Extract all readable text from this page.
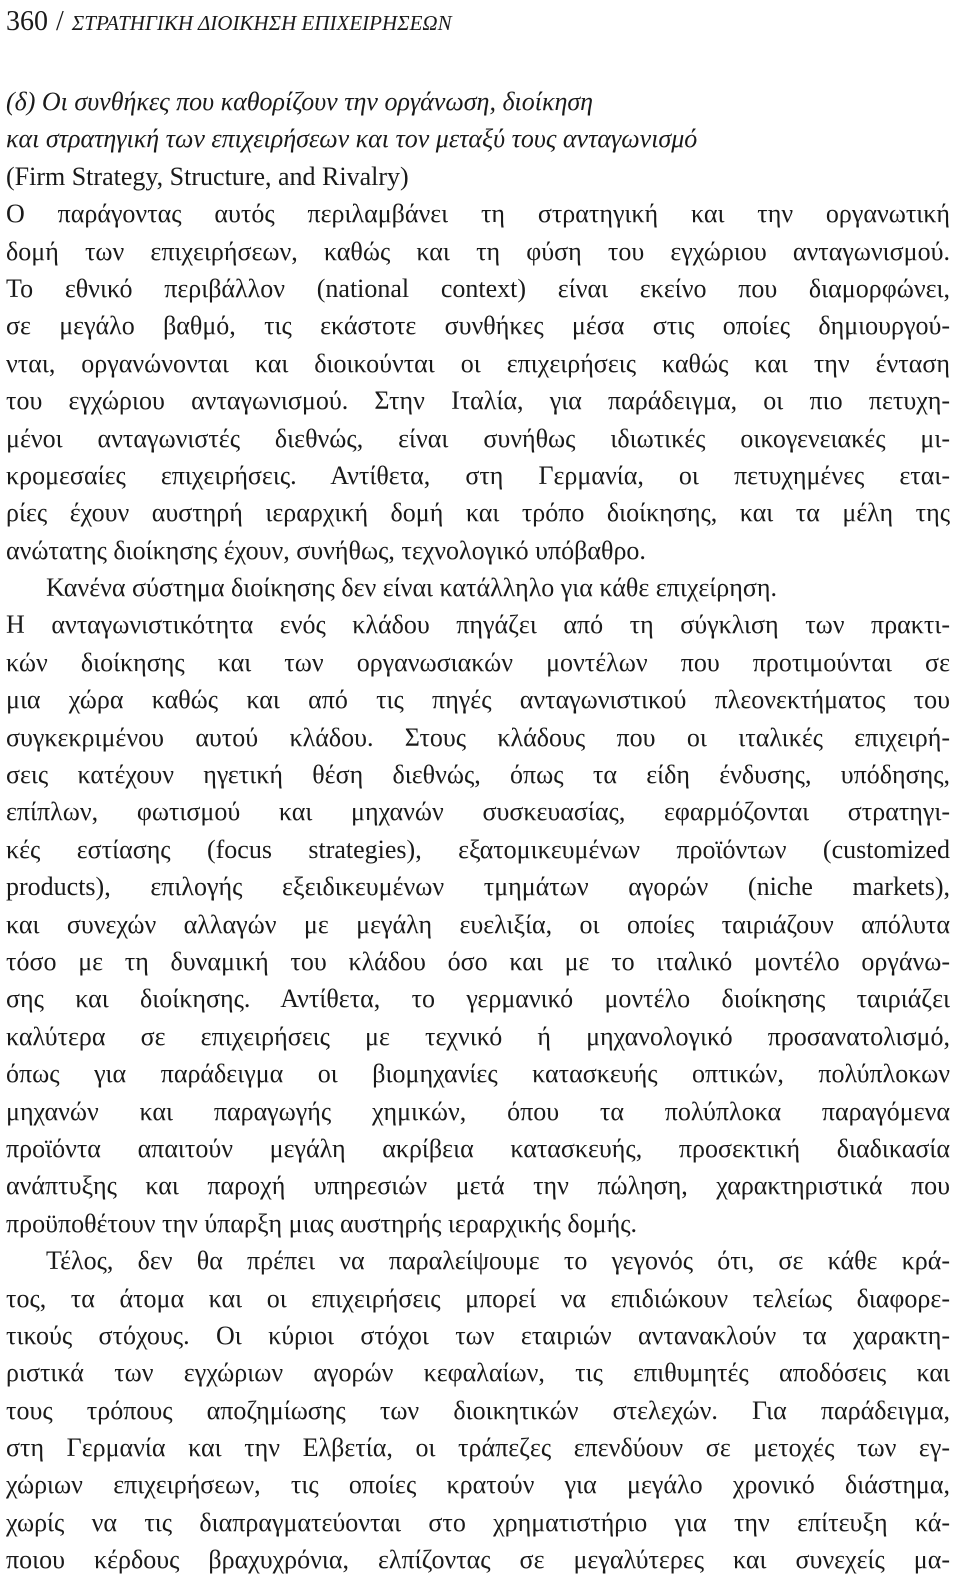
360 / ΣΤΡΑΤΗΓΙΚΗ ΔΙΟΙΚΗΣΗ ΕΠΙΧΕΙΡΗΣΕΩΝ
(δ) Οι συνθήκες που καθορίζουν την οργάνωση, διοίκηση
και στρατηγική των επιχειρήσεων και τον μεταξύ τους ανταγωνισμό
(Firm Strategy, Structure, and Rivalry)
Ο παράγοντας αυτός περιλαμβάνει τη στρατηγική και την οργανωτική
δομή των επιχειρήσεων, καθώς και τη φύση του εγχώριου ανταγωνισμού.
Το εθνικό περιβάλλον (national context) είναι εκείνο που διαμορφώνει,
σε μεγάλο βαθμό, τις εκάστοτε συνθήκες μέσα στις οποίες δημιουργού-
νται, οργανώνονται και διοικούνται οι επιχειρήσεις καθώς και την ένταση
του εγχώριου ανταγωνισμού. Στην Ιταλία, για παράδειγμα, οι πιο πετυχη-
μένοι ανταγωνιστές διεθνώς, είναι συνήθως ιδιωτικές οικογενειακές μι-
κρομεσαίες επιχειρήσεις. Αντίθετα, στη Γερμανία, οι πετυχημένες εται-
ρίες έχουν αυστηρή ιεραρχική δομή και τρόπο διοίκησης, και τα μέλη της
ανώτατης διοίκησης έχουν, συνήθως, τεχνολογικό υπόβαθρο.
Κανένα σύστημα διοίκησης δεν είναι κατάλληλο για κάθε επιχείρηση.
Η ανταγωνιστικότητα ενός κλάδου πηγάζει από τη σύγκλιση των πρακτι-
κών διοίκησης και των οργανωσιακών μοντέλων που προτιμούνται σε
μια χώρα καθώς και από τις πηγές ανταγωνιστικού πλεονεκτήματος του
συγκεκριμένου αυτού κλάδου. Στους κλάδους που οι ιταλικές επιχειρή-
σεις κατέχουν ηγετική θέση διεθνώς, όπως τα είδη ένδυσης, υπόδησης,
επίπλων, φωτισμού και μηχανών συσκευασίας, εφαρμόζονται στρατηγι-
κές εστίασης (focus strategies), εξατομικευμένων προϊόντων (customized
products), επιλογής εξειδικευμένων τμημάτων αγορών (niche markets),
και συνεχών αλλαγών με μεγάλη ευελιξία, οι οποίες ταιριάζουν απόλυτα
τόσο με τη δυναμική του κλάδου όσο και με το ιταλικό μοντέλο οργάνω-
σης και διοίκησης. Αντίθετα, το γερμανικό μοντέλο διοίκησης ταιριάζει
καλύτερα σε επιχειρήσεις με τεχνικό ή μηχανολογικό προσανατολισμό,
όπως για παράδειγμα οι βιομηχανίες κατασκευής οπτικών, πολύπλοκων
μηχανών και παραγωγής χημικών, όπου τα πολύπλοκα παραγόμενα
προϊόντα απαιτούν μεγάλη ακρίβεια κατασκευής, προσεκτική διαδικασία
ανάπτυξης και παροχή υπηρεσιών μετά την πώληση, χαρακτηριστικά που
προϋποθέτουν την ύπαρξη μιας αυστηρής ιεραρχικής δομής.
Τέλος, δεν θα πρέπει να παραλείψουμε το γεγονός ότι, σε κάθε κρά-
τος, τα άτομα και οι επιχειρήσεις μπορεί να επιδιώκουν τελείως διαφορε-
τικούς στόχους. Οι κύριοι στόχοι των εταιριών αντανακλούν τα χαρακτη-
ριστικά των εγχώριων αγορών κεφαλαίων, τις επιθυμητές αποδόσεις και
τους τρόπους αποζημίωσης των διοικητικών στελεχών. Για παράδειγμα,
στη Γερμανία και την Ελβετία, οι τράπεζες επενδύουν σε μετοχές των εγ-
χώριων επιχειρήσεων, τις οποίες κρατούν για μεγάλο χρονικό διάστημα,
χωρίς να τις διαπραγματεύονται στο χρηματιστήριο για την επίτευξη κά-
ποιου κέρδους βραχυχρόνια, ελπίζοντας σε μεγαλύτερες και συνεχείς μα-
